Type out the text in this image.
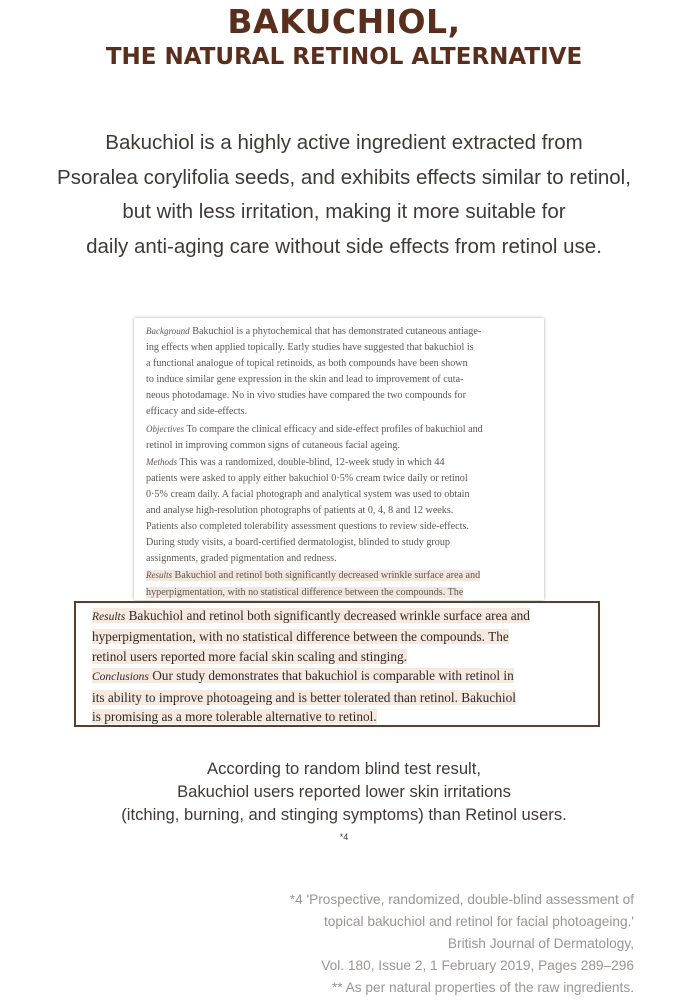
BAKUCHIOL,
THE NATURAL RETINOL ALTERNATIVE
Bakuchiol is a highly active ingredient extracted from
Psoralea corylifolia seeds, and exhibits effects similar to retinol,
but with less irritation, making it more suitable for
daily anti-aging care without side effects from retinol use.
Background Bakuchiol is a phytochemical that has demonstrated cutaneous antiage-
ing effects when applied topically. Early studies have suggested that bakuchiol is
a functional analogue of topical retinoids, as both compounds have been shown
to induce similar gene expression in the skin and lead to improvement of cuta-
neous photodamage. No in vivo studies have compared the two compounds for
efficacy and side-effects.
Objectives To compare the clinical efficacy and side-effect profiles of bakuchiol and
retinol in improving common signs of cutaneous facial ageing.
Methods This was a randomized, double-blind, 12-week study in which 44
patients were asked to apply either bakuchiol 0·5% cream twice daily or retinol
0·5% cream daily. A facial photograph and analytical system was used to obtain
and analyse high-resolution photographs of patients at 0, 4, 8 and 12 weeks.
Patients also completed tolerability assessment questions to review side-effects.
During study visits, a board-certified dermatologist, blinded to study group
assignments, graded pigmentation and redness.
Results Bakuchiol and retinol both significantly decreased wrinkle surface area and
hyperpigmentation, with no statistical difference between the compounds. The
Results Bakuchiol and retinol both significantly decreased wrinkle surface area and
hyperpigmentation, with no statistical difference between the compounds. The
retinol users reported more facial skin scaling and stinging.
Conclusions Our study demonstrates that bakuchiol is comparable with retinol in
its ability to improve photoageing and is better tolerated than retinol. Bakuchiol
is promising as a more tolerable alternative to retinol.
According to random blind test result,
Bakuchiol users reported lower skin irritations
(itching, burning, and stinging symptoms) than Retinol users.
$^{*4}$
*4 'Prospective, randomized, double-blind assessment of
topical bakuchiol and retinol for facial photoageing.'
British Journal of Dermatology,
Vol. 180, Issue 2, 1 February 2019, Pages 289–296
** As per natural properties of the raw ingredients.
